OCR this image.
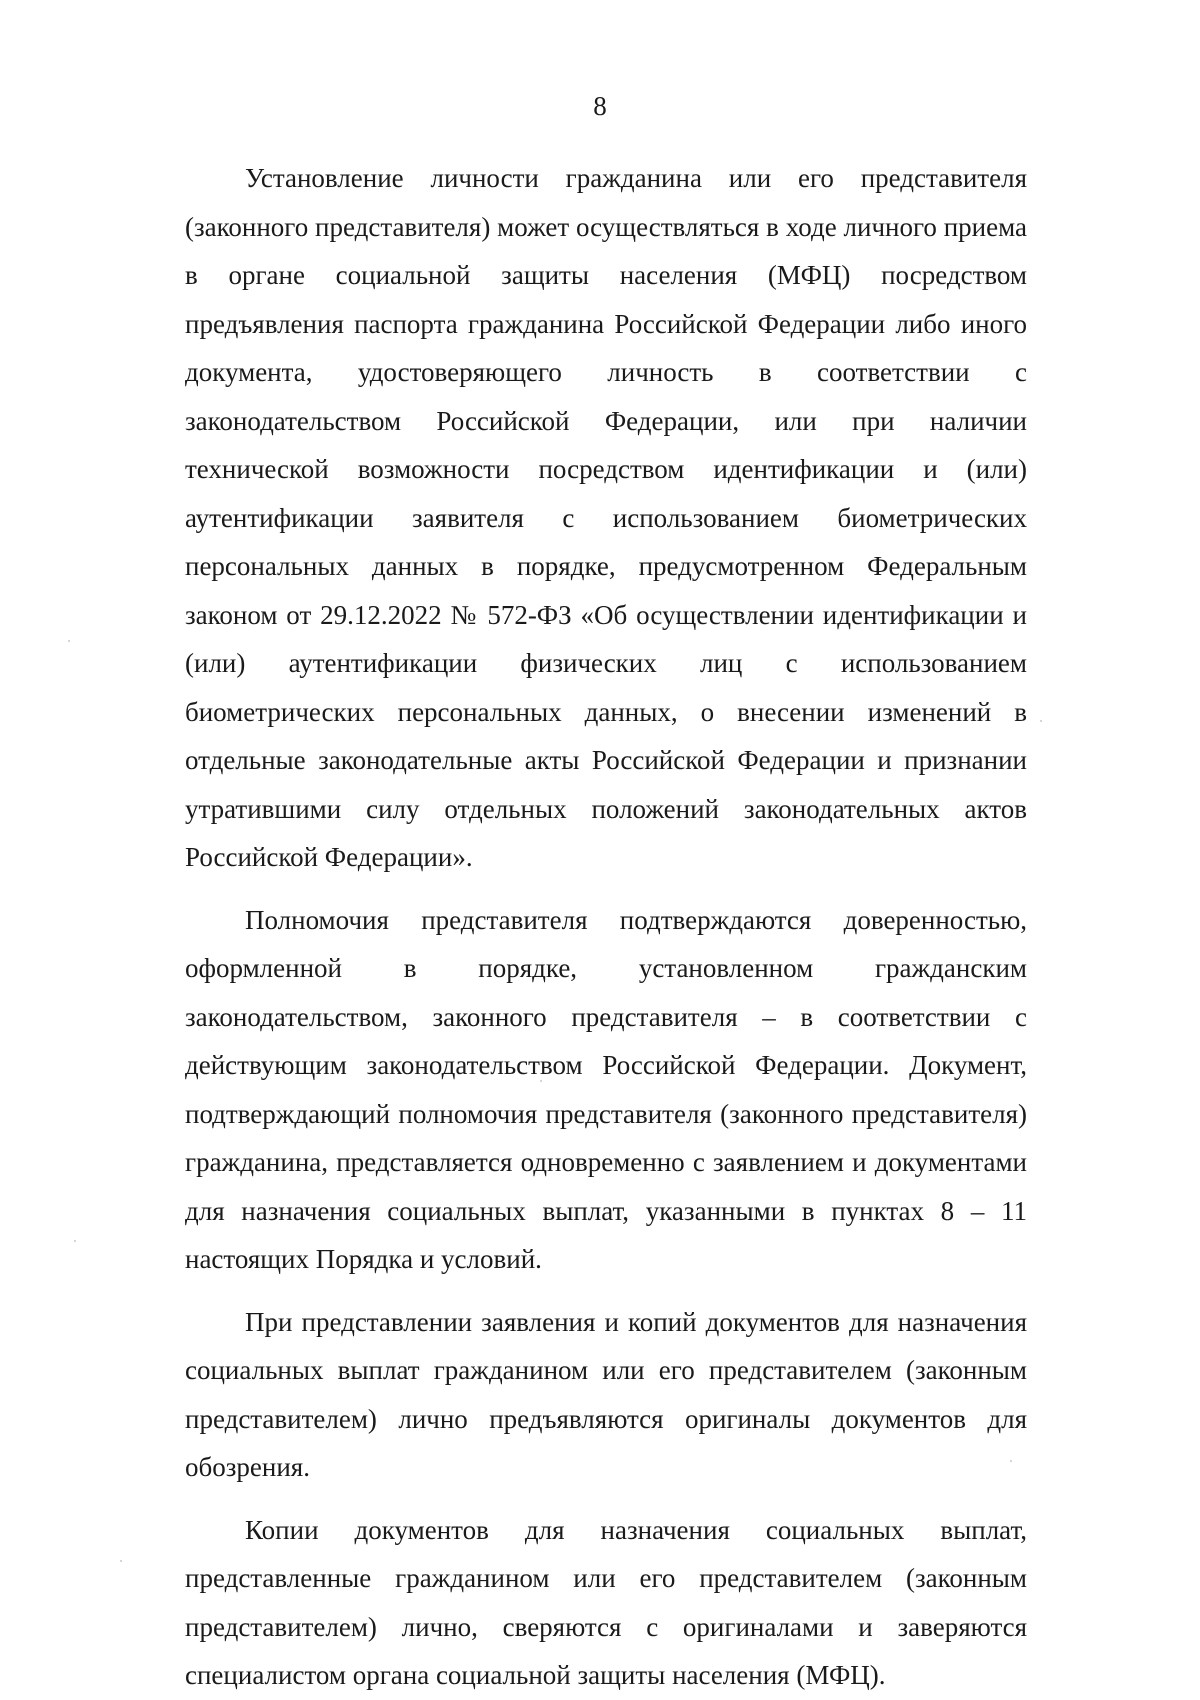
8

Установление личности гражданина или его представителя (законного представителя) может осуществляться в ходе личного приема в органе социальной защиты населения (МФЦ) посредством предъявления паспорта гражданина Российской Федерации либо иного документа, удостоверяющего личность в соответствии с законодательством Российской Федерации, или при наличии технической возможности посредством идентификации и (или) аутентификации заявителя с использованием биометрических персональных данных в порядке, предусмотренном Федеральным законом от 29.12.2022 № 572-ФЗ «Об осуществлении идентификации и (или) аутентификации физических лиц с использованием биометрических персональных данных, о внесении изменений в отдельные законодательные акты Российской Федерации и признании утратившими силу отдельных положений законодательных актов Российской Федерации».

Полномочия представителя подтверждаются доверенностью, оформленной в порядке, установленном гражданским законодательством, законного представителя – в соответствии с действующим законодательством Российской Федерации. Документ, подтверждающий полномочия представителя (законного представителя) гражданина, представляется одновременно с заявлением и документами для назначения социальных выплат, указанными в пунктах 8 – 11 настоящих Порядка и условий.

При представлении заявления и копий документов для назначения социальных выплат гражданином или его представителем (законным представителем) лично предъявляются оригиналы документов для обозрения.

Копии документов для назначения социальных выплат, представленные гражданином или его представителем (законным представителем) лично, сверяются с оригиналами и заверяются специалистом органа социальной защиты населения (МФЦ).
